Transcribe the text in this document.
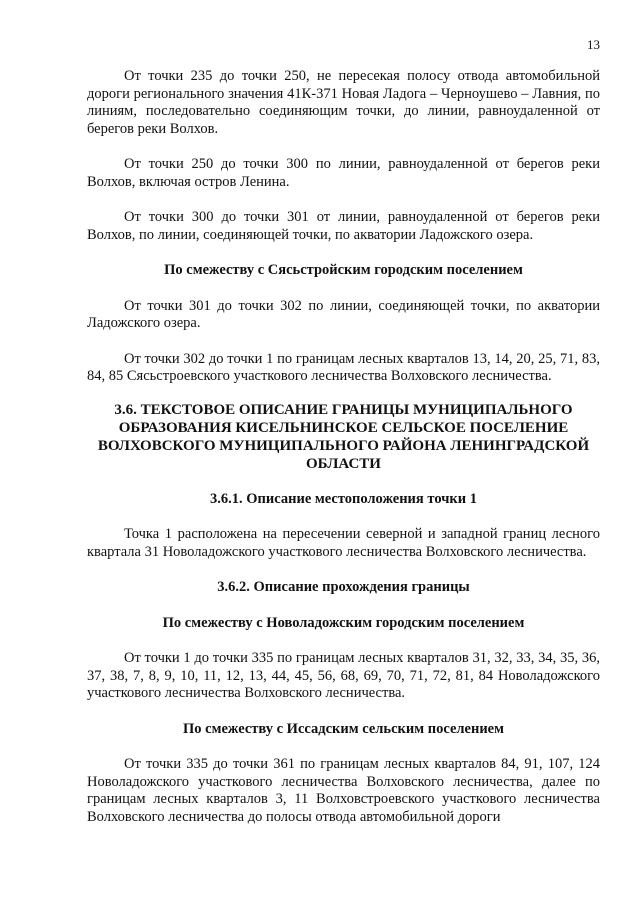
13

От точки 235 до точки 250, не пересекая полосу отвода автомобильной дороги регионального значения 41К-371 Новая Ладога – Черноушево – Лавния, по линиям, последовательно соединяющим точки, до линии, равноудаленной от берегов реки Волхов.

От точки 250 до точки 300 по линии, равноудаленной от берегов реки Волхов, включая остров Ленина.

От точки 300 до точки 301 от линии, равноудаленной от берегов реки Волхов, по линии, соединяющей точки, по акватории Ладожского озера.

По смежеству с Сясьстройским городским поселением

От точки 301 до точки 302 по линии, соединяющей точки, по акватории Ладожского озера.

От точки 302 до точки 1 по границам лесных кварталов 13, 14, 20, 25, 71, 83, 84, 85 Сясьстроевского участкового лесничества Волховского лесничества.

3.6. ТЕКСТОВОЕ ОПИСАНИЕ ГРАНИЦЫ МУНИЦИПАЛЬНОГО ОБРАЗОВАНИЯ КИСЕЛЬНИНСКОЕ СЕЛЬСКОЕ ПОСЕЛЕНИЕ ВОЛХОВСКОГО МУНИЦИПАЛЬНОГО РАЙОНА ЛЕНИНГРАДСКОЙ ОБЛАСТИ

3.6.1. Описание местоположения точки 1

Точка 1 расположена на пересечении северной и западной границ лесного квартала 31 Новоладожского участкового лесничества Волховского лесничества.

3.6.2. Описание прохождения границы

По смежеству с Новоладожским городским поселением

От точки 1 до точки 335 по границам лесных кварталов 31, 32, 33, 34, 35, 36, 37, 38, 7, 8, 9, 10, 11, 12, 13, 44, 45, 56, 68, 69, 70, 71, 72, 81, 84 Новоладожского участкового лесничества Волховского лесничества.

По смежеству с Иссадским сельским поселением

От точки 335 до точки 361 по границам лесных кварталов 84, 91, 107, 124 Новоладожского участкового лесничества Волховского лесничества, далее по границам лесных кварталов 3, 11 Волховстроевского участкового лесничества Волховского лесничества до полосы отвода автомобильной дороги
